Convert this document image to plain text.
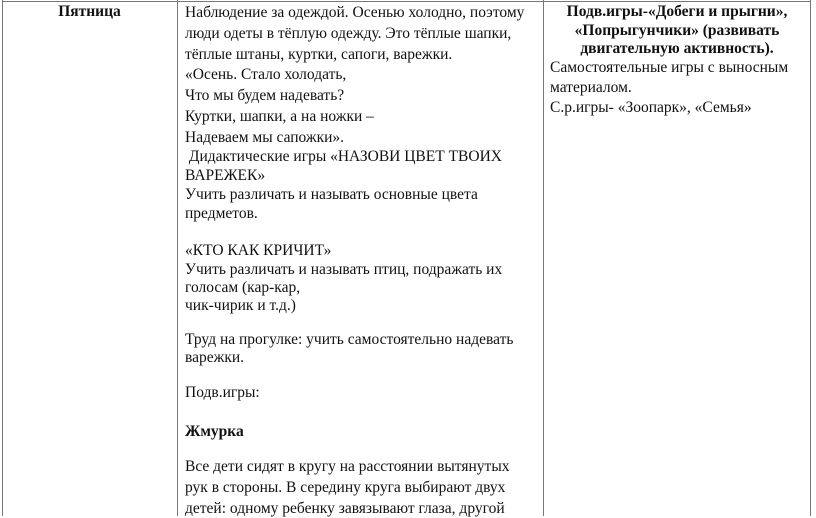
Пятница	Наблюдение за одеждой. Осенью холодно, поэтому
люди одеты в тёплую одежду. Это тёплые шапки,
тёплые штаны, куртки, сапоги, варежки.
«Осень. Стало холодать,
Что мы будем надевать?
Куртки, шапки, а на ножки –
Надеваем мы сапожки».
Дидактические игры «НАЗОВИ ЦВЕТ ТВОИХ
ВАРЕЖЕК»
Учить различать и называть основные цвета
предметов.
«КТО КАК КРИЧИТ»
Учить различать и называть птиц, подражать их
голосам (кар-кар,
чик-чирик и т.д.)
Труд на прогулке: учить самостоятельно надевать
варежки.
Подв.игры:
Жмурка
Все дети сидят в кругу на расстоянии вытянутых
рук в стороны. В середину круга выбирают двух
детей: одному ребенку завязывают глаза, другой
Подв.игры-«Добеги и прыгни»,
«Попрыгунчики» (развивать
двигательную активность).
Самостоятельные игры с выносным
материалом.
С.р.игры- «Зоопарк», «Семья»
